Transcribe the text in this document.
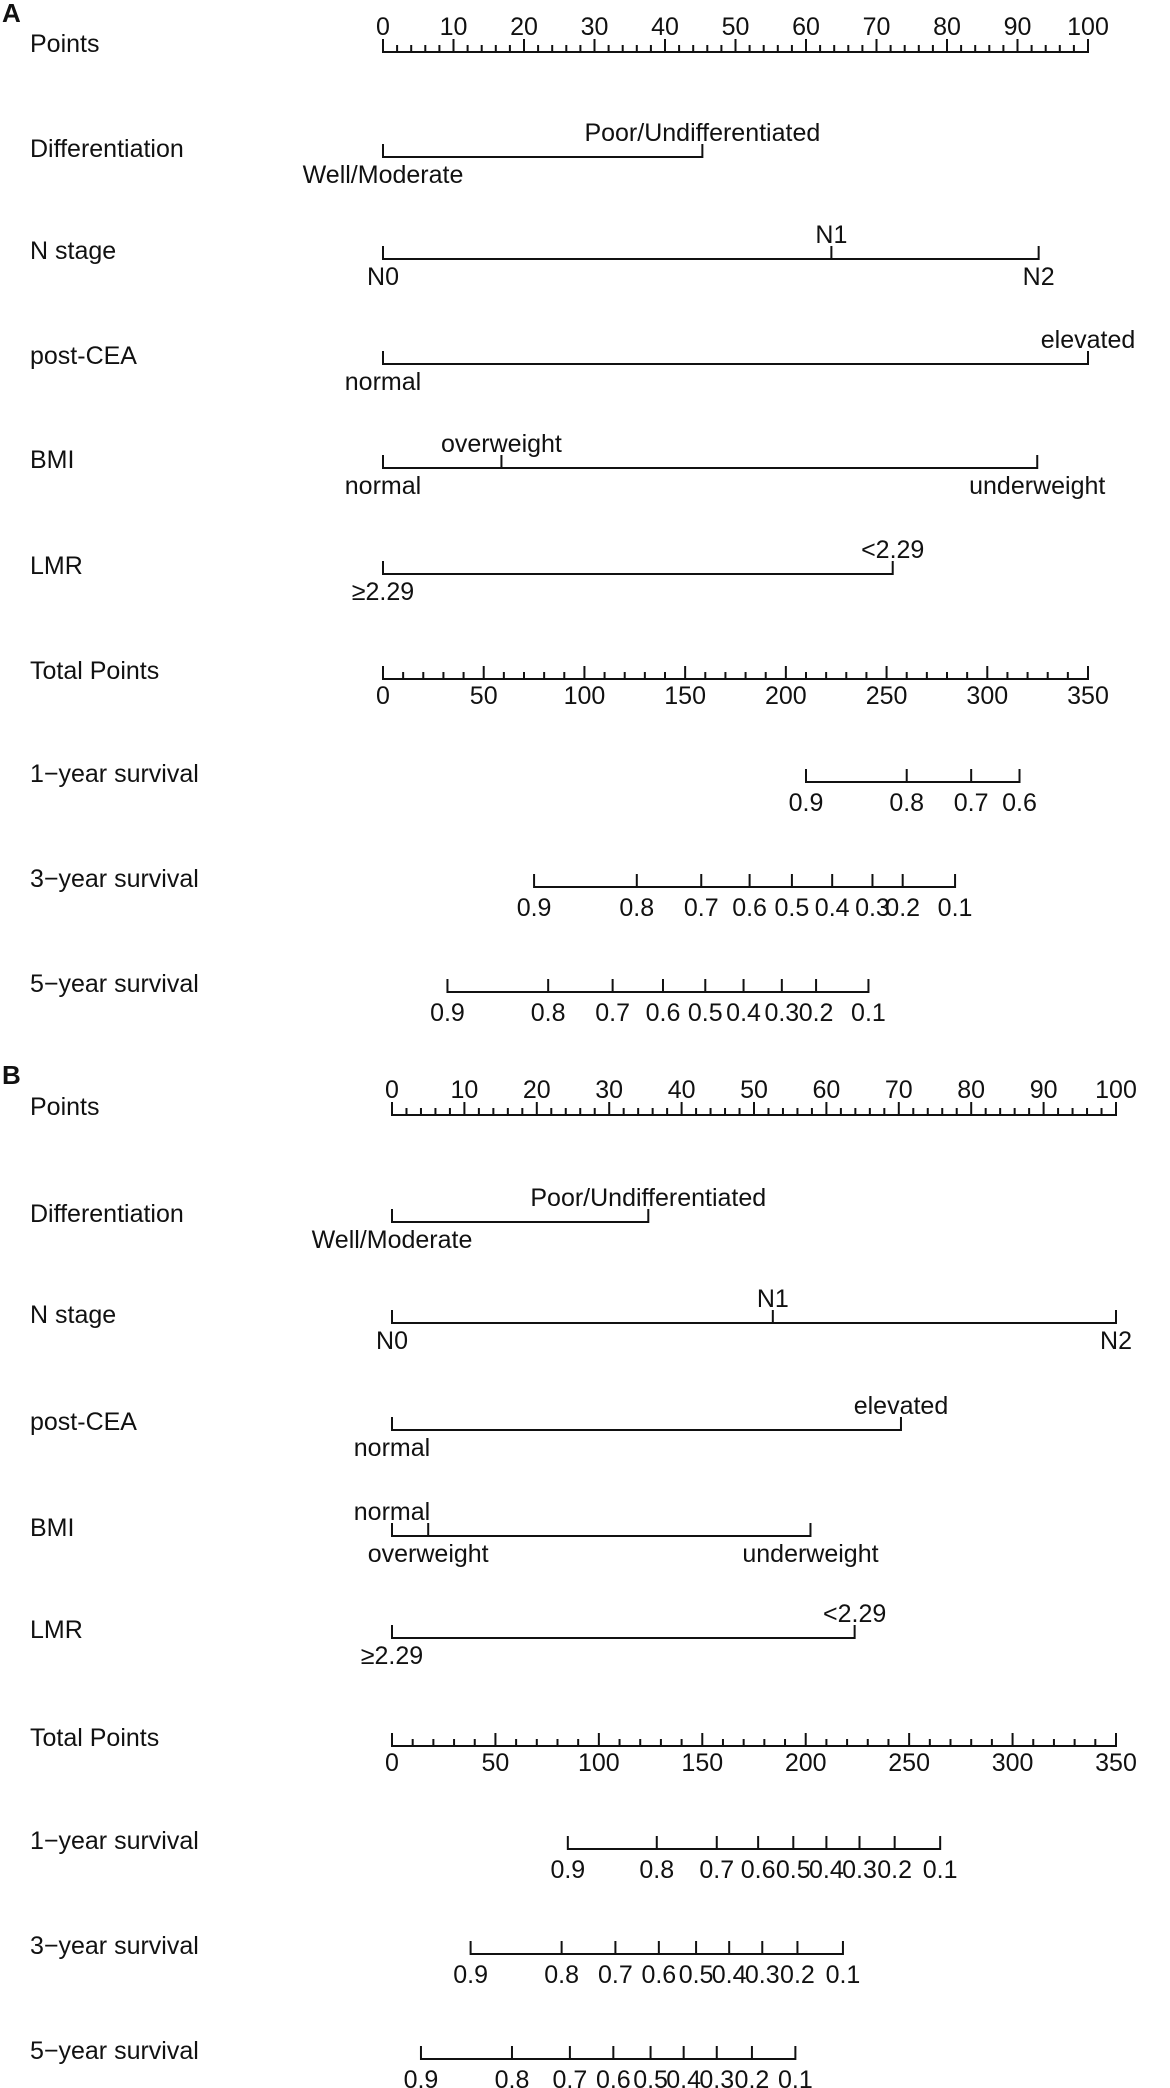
A
Points
0 10 20 30 40 50 60 70 80 90 100
Differentiation
Well/Moderate
Poor/Undifferentiated
N stage
N0
N1
N2
post-CEA
normal
elevated
BMI
normal
overweight
underweight
LMR
≥2.29
<2.29
Total Points
0	50	100 150 200 250 300 350
1−year survival
0.9	0.8 0.7 0.6
3−year survival
0.9	0.8 0.7 0.6 0.5 0.4 0.3
0.2 0.1
5−year survival
0.9	0.8 0.7 0.6 0.5 0.4 0.3 0.2 0.1
B
Points
0 10 20 30 40 50 60 70 80 90 100
Differentiation
Well/Moderate
Poor/Undifferentiated
N stage
N0
N1
N2
post-CEA
normal
elevated
BMI
normal
overweight	underweight
LMR
≥2.29
<2.29
Total Points
0	50	100 150 200 250 300 350
1−year survival
0.9 0.8 0.7 0.6 0.5
0.4
0.3 0.2 0.1
3−year survival
0.9 0.8 0.7 0.6 0.5
0.4
0.3 0.2 0.1
5−year survival
0.9 0.8 0.7 0.6 0.5
0.4
0.3 0.2 0.1
